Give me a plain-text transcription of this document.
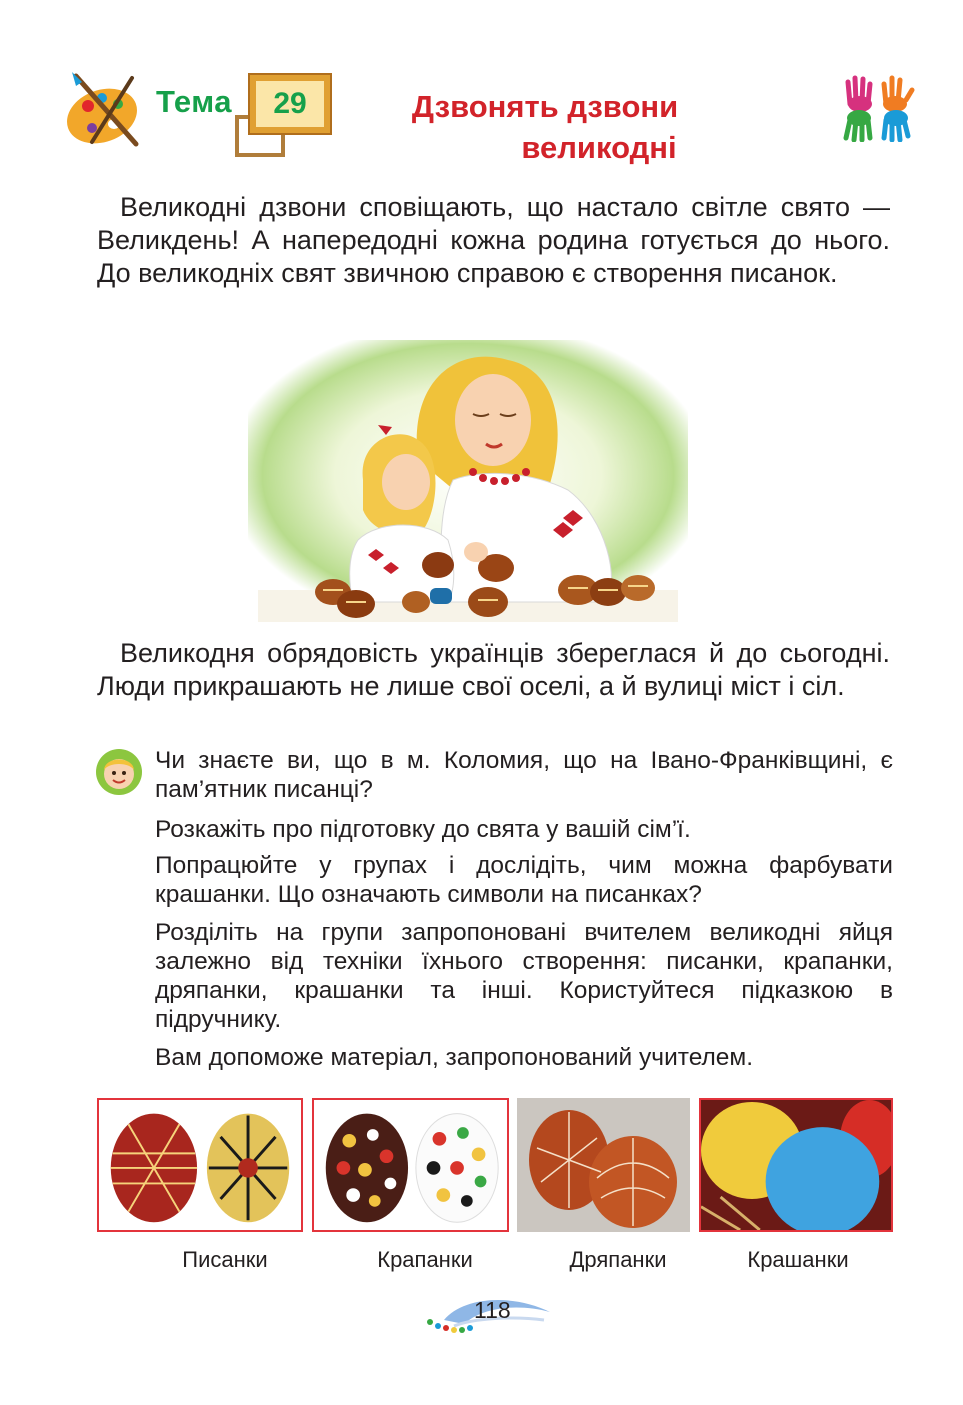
Тема	29	Дзвонять дзвони
великодні
Великодні дзвони сповіщають, що настало світле свято — Великдень! А напередодні кожна родина готується до нього. До великодніх свят звичною справою є створення писанок.
Великодня обрядовість українців збереглася й до сьогодні. Люди прикрашають не лише свої оселі, а й вулиці міст і сіл.
Чи знаєте ви, що в м. Коломия, що на Івано-Франківщині, є пам’ятник писанці?
Розкажіть про підготовку до свята у вашій сім’ї.
Попрацюйте у групах і дослідіть, чим можна фарбувати крашанки. Що означають символи на писанках?
Розділіть на групи запропоновані вчителем великодні яйця залежно від техніки їхнього створення: писанки, крапанки, дряпанки, крашанки та інші. Користуйтеся підказкою в підручнику.
Вам допоможе матеріал, запропонований учителем.
Писанки	Крапанки	Дряпанки	Крашанки
118
